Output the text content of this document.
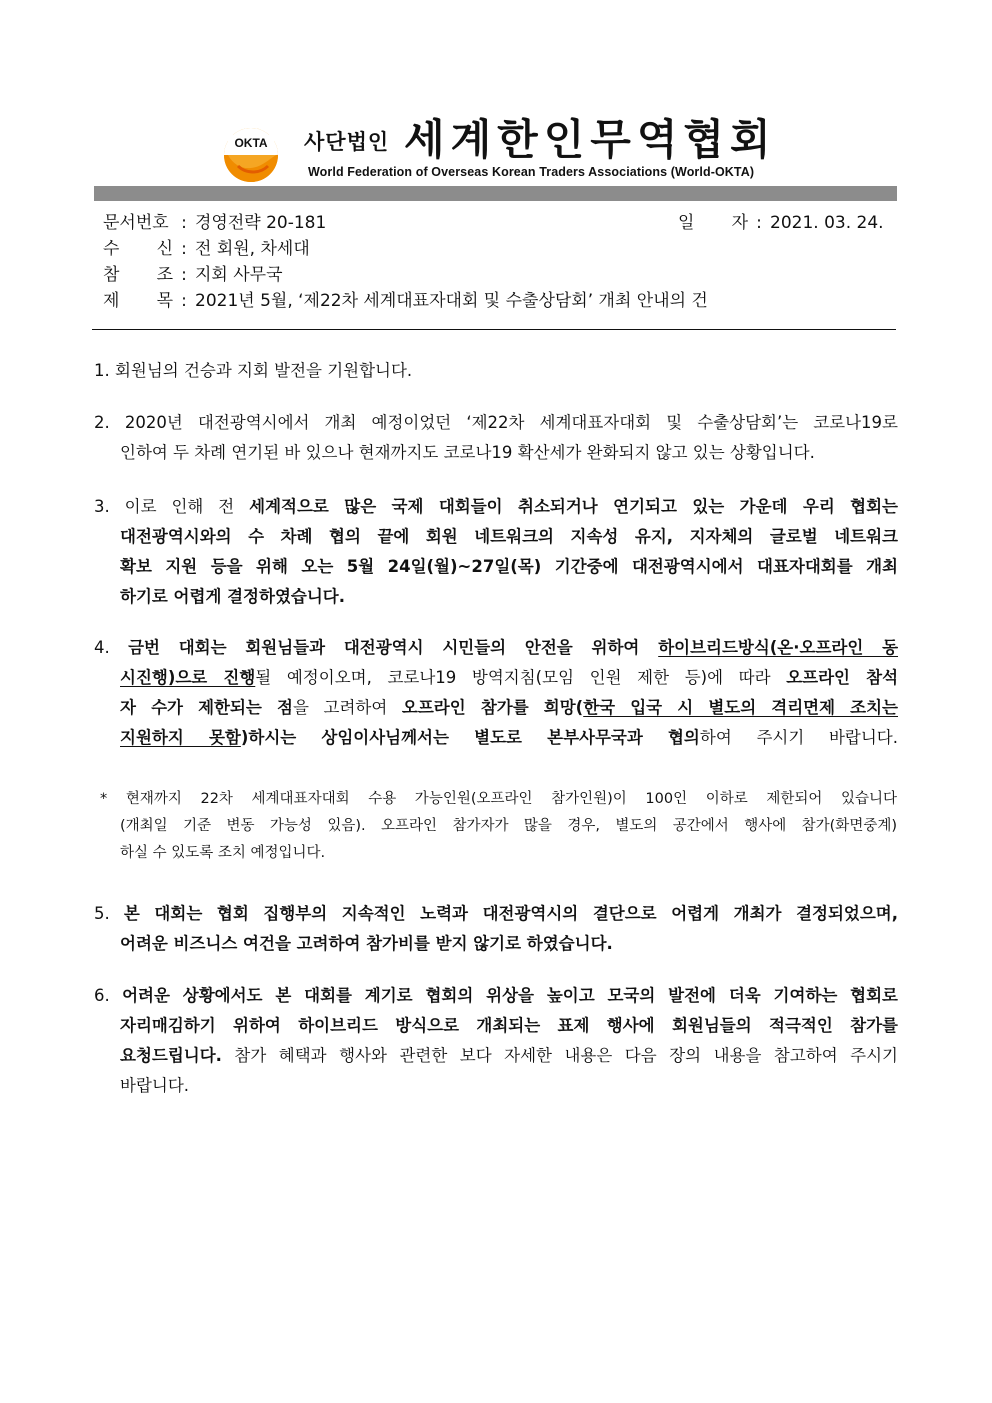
OKTA 사단법인 세계한인무역협회
World Federation of Overseas Korean Traders Associations (World-OKTA)
문서번호 : 경영전략 20-181	일 자 : 2021. 03. 24.
수 신 : 전 회원, 차세대
참 조 : 지회 사무국
제 목 : 2021년 5월, ‘제22차 세계대표자대회 및 수출상담회’ 개최 안내의 건
1. 회원님의 건승과 지회 발전을 기원합니다.
2. 2020년 대전광역시에서 개최 예정이었던 ‘제22차 세계대표자대회 및 수출상담회’는 코로나19로
인하여 두 차례 연기된 바 있으나 현재까지도 코로나19 확산세가 완화되지 않고 있는 상황입니다.
3. 이로 인해 전 세계적으로 많은 국제 대회들이 취소되거나 연기되고 있는 가운데 우리 협회는
대전광역시와의 수 차례 협의 끝에 회원 네트워크의 지속성 유지, 지자체의 글로벌 네트워크
확보 지원 등을 위해 오는 5월 24일(월)~27일(목) 기간중에 대전광역시에서 대표자대회를 개최
하기로 어렵게 결정하였습니다.
4. 금번 대회는 회원님들과 대전광역시 시민들의 안전을 위하여 하이브리드방식(온·오프라인 동
시진행)으로 진행될 예정이오며, 코로나19 방역지침(모임 인원 제한 등)에 따라 오프라인 참석
자 수가 제한되는 점을 고려하여 오프라인 참가를 희망(한국 입국 시 별도의 격리면제 조치는
지원하지 못함)하시는 상임이사님께서는 별도로 본부사무국과 협의하여 주시기 바랍니다.
* 현재까지 22차 세계대표자대회 수용 가능인원(오프라인 참가인원)이 100인 이하로 제한되어 있습니다
(개최일 기준 변동 가능성 있음). 오프라인 참가자가 많을 경우, 별도의 공간에서 행사에 참가(화면중계)
하실 수 있도록 조치 예정입니다.
5. 본 대회는 협회 집행부의 지속적인 노력과 대전광역시의 결단으로 어렵게 개최가 결정되었으며,
어려운 비즈니스 여건을 고려하여 참가비를 받지 않기로 하였습니다.
6. 어려운 상황에서도 본 대회를 계기로 협회의 위상을 높이고 모국의 발전에 더욱 기여하는 협회로
자리매김하기 위하여 하이브리드 방식으로 개최되는 표제 행사에 회원님들의 적극적인 참가를
요청드립니다. 참가 혜택과 행사와 관련한 보다 자세한 내용은 다음 장의 내용을 참고하여 주시기
바랍니다.
